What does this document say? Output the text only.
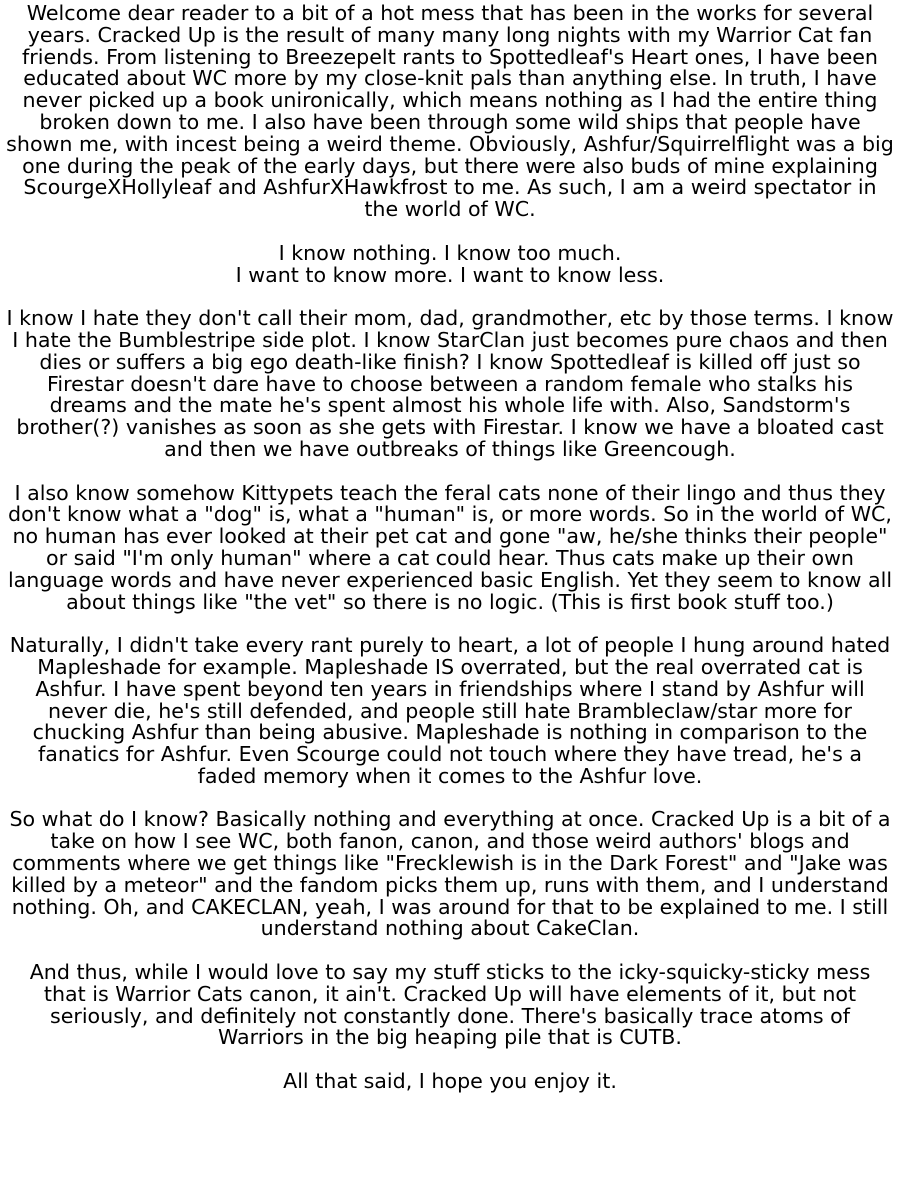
Welcome dear reader to a bit of a hot mess that has been in the works for several years. Cracked Up is the result of many many long nights with my Warrior Cat fan friends. From listening to Breezepelt rants to Spottedleaf's Heart ones, I have been educated about WC more by my close-knit pals than anything else. In truth, I have never picked up a book unironically, which means nothing as I had the entire thing broken down to me. I also have been through some wild ships that people have shown me, with incest being a weird theme. Obviously, Ashfur/Squirrelflight was a big one during the peak of the early days, but there were also buds of mine explaining ScourgeXHollyleaf and AshfurXHawkfrost to me. As such, I am a weird spectator in the world of WC.

I know nothing. I know too much.
I want to know more. I want to know less.

I know I hate they don't call their mom, dad, grandmother, etc by those terms. I know I hate the Bumblestripe side plot. I know StarClan just becomes pure chaos and then dies or suffers a big ego death-like finish? I know Spottedleaf is killed off just so Firestar doesn't dare have to choose between a random female who stalks his dreams and the mate he's spent almost his whole life with. Also, Sandstorm's brother(?) vanishes as soon as she gets with Firestar. I know we have a bloated cast and then we have outbreaks of things like Greencough.

I also know somehow Kittypets teach the feral cats none of their lingo and thus they don't know what a "dog" is, what a "human" is, or more words. So in the world of WC, no human has ever looked at their pet cat and gone "aw, he/she thinks their people" or said "I'm only human" where a cat could hear. Thus cats make up their own language words and have never experienced basic English. Yet they seem to know all about things like "the vet" so there is no logic. (This is first book stuff too.)

Naturally, I didn't take every rant purely to heart, a lot of people I hung around hated Mapleshade for example. Mapleshade IS overrated, but the real overrated cat is Ashfur. I have spent beyond ten years in friendships where I stand by Ashfur will never die, he's still defended, and people still hate Brambleclaw/star more for chucking Ashfur than being abusive. Mapleshade is nothing in comparison to the fanatics for Ashfur. Even Scourge could not touch where they have tread, he's a faded memory when it comes to the Ashfur love.

So what do I know? Basically nothing and everything at once. Cracked Up is a bit of a take on how I see WC, both fanon, canon, and those weird authors' blogs and comments where we get things like "Frecklewish is in the Dark Forest" and "Jake was killed by a meteor" and the fandom picks them up, runs with them, and I understand nothing. Oh, and CAKECLAN, yeah, I was around for that to be explained to me. I still understand nothing about CakeClan.

And thus, while I would love to say my stuff sticks to the icky-squicky-sticky mess that is Warrior Cats canon, it ain't. Cracked Up will have elements of it, but not seriously, and definitely not constantly done. There's basically trace atoms of Warriors in the big heaping pile that is CUTB.

All that said, I hope you enjoy it.
